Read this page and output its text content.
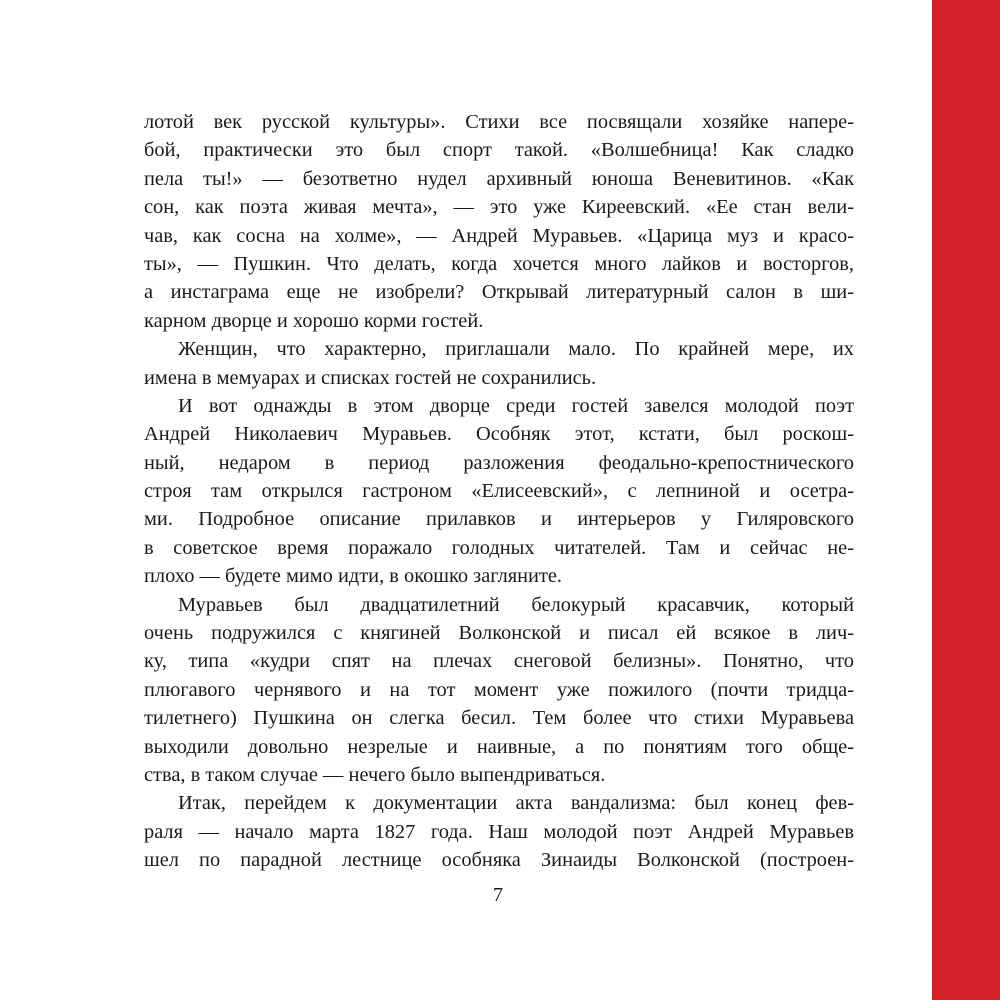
лотой век русской культуры». Стихи все посвящали хозяйке напере-
бой, практически это был спорт такой. «Волшебница! Как сладко
пела ты!» — безответно нудел архивный юноша Веневитинов. «Как
сон, как поэта живая мечта», — это уже Киреевский. «Ее стан вели-
чав, как сосна на холме», — Андрей Муравьев. «Царица муз и красо-
ты», — Пушкин. Что делать, когда хочется много лайков и восторгов,
а инстаграма еще не изобрели? Открывай литературный салон в ши-
карном дворце и хорошо корми гостей.
Женщин, что характерно, приглашали мало. По крайней мере, их
имена в мемуарах и списках гостей не сохранились.
И вот однажды в этом дворце среди гостей завелся молодой поэт
Андрей Николаевич Муравьев. Особняк этот, кстати, был роскош-
ный, недаром в период разложения феодально-крепостнического
строя там открылся гастроном «Елисеевский», с лепниной и осетра-
ми. Подробное описание прилавков и интерьеров у Гиляровского
в советское время поражало голодных читателей. Там и сейчас не-
плохо — будете мимо идти, в окошко загляните.
Муравьев был двадцатилетний белокурый красавчик, который
очень подружился с княгиней Волконской и писал ей всякое в лич-
ку, типа «кудри спят на плечах снеговой белизны». Понятно, что
плюгавого чернявого и на тот момент уже пожилого (почти тридца-
тилетнего) Пушкина он слегка бесил. Тем более что стихи Муравьева
выходили довольно незрелые и наивные, а по понятиям того обще-
ства, в таком случае — нечего было выпендриваться.
Итак, перейдем к документации акта вандализма: был конец фев-
раля — начало марта 1827 года. Наш молодой поэт Андрей Муравьев
шел по парадной лестнице особняка Зинаиды Волконской (построен-
7
